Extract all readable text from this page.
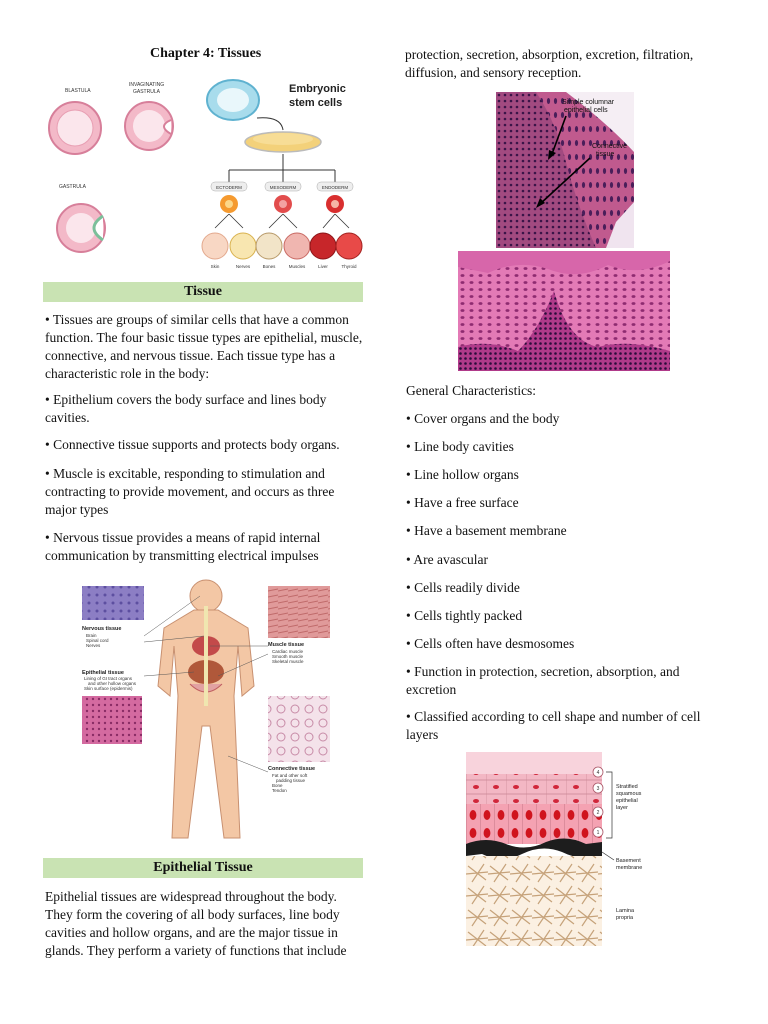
Chapter 4: Tissues
BLASTULA
INVAGINATING
GASTRULA
GASTRULA
Embryonic
stem cells
ECTODERM	MESODERM	ENDODERM
Skin	Nerves	Bones	Muscles	Liver	Thyroid
Tissue
• Tissues are groups of similar cells that have a common function. The four basic tissue types are epithelial, muscle, connective, and nervous tissue. Each tissue type has a characteristic role in the body:
• Epithelium covers the body surface and lines body cavities.
• Connective tissue supports and protects body organs.
• Muscle is excitable, responding to stimulation and contracting to provide movement, and occurs as three major types
• Nervous tissue provides a means of rapid internal communication by transmitting electrical impulses
Nervous tissue
Brain
Spinal cord
Nerves	Muscle tissue
Cardiac muscle
Smooth muscle
Skeletal muscle
Epithelial tissue
Lining of GI tract organs
and other hollow organs
Skin surface (epidermis)
Connective tissue
Fat and other soft
padding tissue
Bone
Tendon
Epithelial Tissue
Epithelial tissues are widespread throughout the body. They form the covering of all body surfaces, line body cavities and hollow organs, and are the major tissue in glands. They perform a variety of functions that include
protection, secretion, absorption, excretion, filtration, diffusion, and sensory reception.
Simple columnar
epithelial cells
Connective
tissue
General Characteristics:
• Cover organs and the body
• Line body cavities
• Line hollow organs
• Have a free surface
• Have a basement membrane
• Are avascular
• Cells readily divide
• Cells tightly packed
• Cells often have desmosomes
• Function in protection, secretion, absorption, and excretion
• Classified according to cell shape and number of cell layers
4
3
2
1
Stratified
squamous
epithelial
layer
Basement
membrane
Lamina
propria
